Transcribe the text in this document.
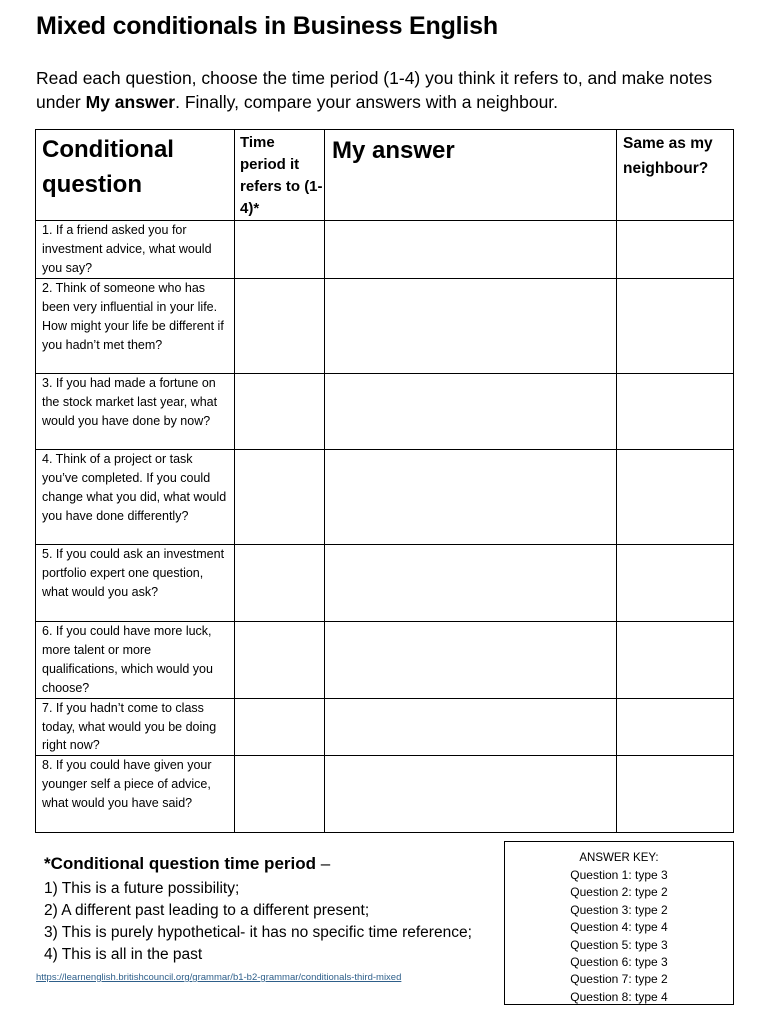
Mixed conditionals in Business English
Read each question, choose the time period (1-4) you think it refers to, and make notes under My answer. Finally, compare your answers with a neighbour.
Conditional question	Time period it refers to (1-4)*	My answer	Same as my neighbour?

1. If a friend asked you for investment advice, what would you say?			

2. Think of someone who has been very influential in your life. How might your life be different if you hadn’t met them?			

3. If you had made a fortune on the stock market last year, what would you have done by now?			

4. Think of a project or task you’ve completed. If you could change what you did, what would you have done differently?			

5. If you could ask an investment portfolio expert one question, what would you ask?			

6. If you could have more luck, more talent or more qualifications, which would you choose?			

7. If you hadn’t come to class today, what would you be doing right now?			

8. If you could have given your younger self a piece of advice, what would you have said?			

*Conditional question time period –
1) This is a future possibility;
2) A different past leading to a different present;
3) This is purely hypothetical- it has no specific time reference;
4) This is all in the past
https://learnenglish.britishcouncil.org/grammar/b1-b2-grammar/conditionals-third-mixed
ANSWER KEY:
Question 1: type 3
Question 2: type 2
Question 3: type 2
Question 4: type 4
Question 5: type 3
Question 6: type 3
Question 7: type 2
Question 8: type 4
